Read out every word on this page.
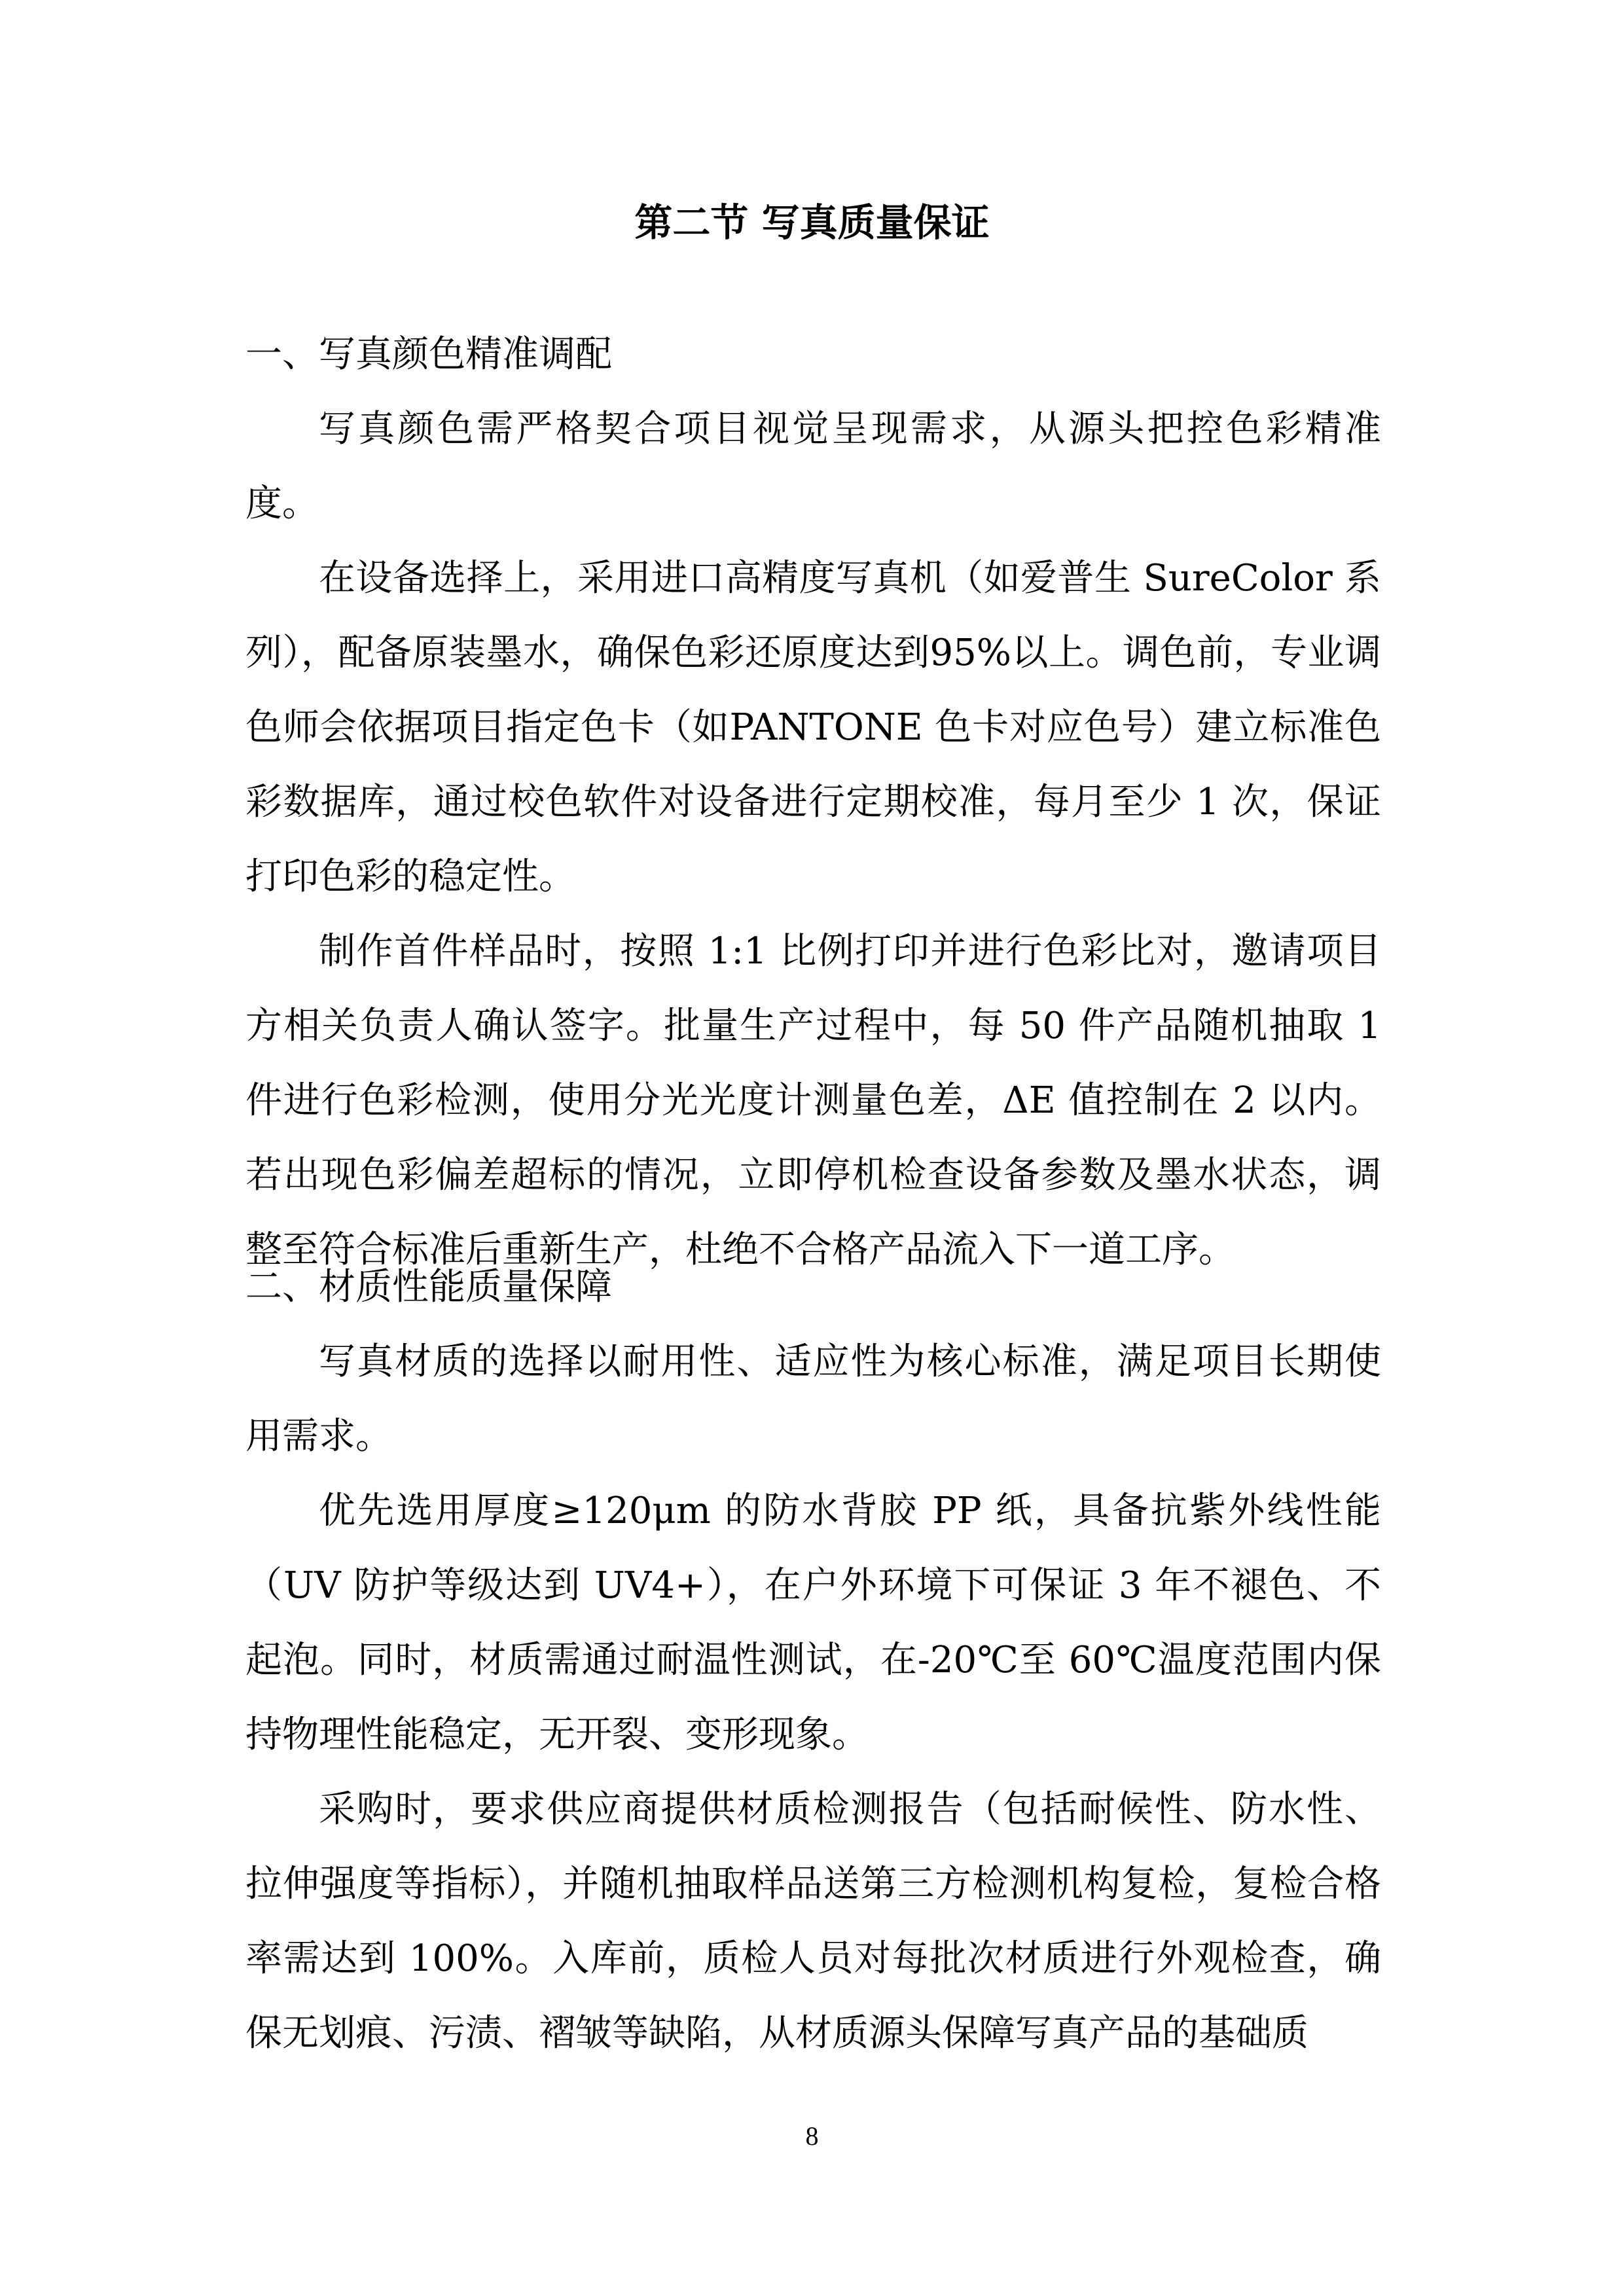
第二节 写真质量保证

一、写真颜色精准调配

写真颜色需严格契合项目视觉呈现需求，从源头把控色彩精准度。

在设备选择上，采用进口高精度写真机（如爱普生 SureColor 系列），配备原装墨水，确保色彩还原度达到95%以上。调色前，专业调色师会依据项目指定色卡（如PANTONE 色卡对应色号）建立标准色彩数据库，通过校色软件对设备进行定期校准，每月至少 1 次，保证打印色彩的稳定性。

制作首件样品时，按照 1:1 比例打印并进行色彩比对，邀请项目方相关负责人确认签字。批量生产过程中，每 50 件产品随机抽取 1 件进行色彩检测，使用分光光度计测量色差，ΔE 值控制在 2 以内。若出现色彩偏差超标的情况，立即停机检查设备参数及墨水状态，调整至符合标准后重新生产，杜绝不合格产品流入下一道工序。

二、材质性能质量保障

写真材质的选择以耐用性、适应性为核心标准，满足项目长期使用需求。

优先选用厚度≥120μm 的防水背胶 PP 纸，具备抗紫外线性能（UV 防护等级达到 UV4+），在户外环境下可保证 3 年不褪色、不起泡。同时，材质需通过耐温性测试，在-20℃至 60℃温度范围内保持物理性能稳定，无开裂、变形现象。

采购时，要求供应商提供材质检测报告（包括耐候性、防水性、拉伸强度等指标），并随机抽取样品送第三方检测机构复检，复检合格率需达到 100%。入库前，质检人员对每批次材质进行外观检查，确保无划痕、污渍、褶皱等缺陷，从材质源头保障写真产品的基础质

8
